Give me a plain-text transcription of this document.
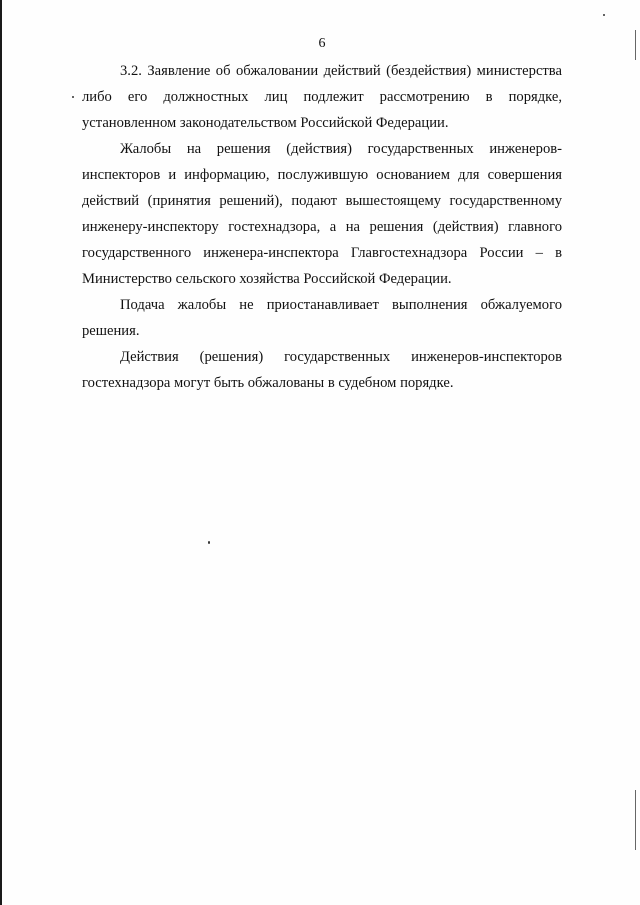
6

3.2. Заявление об обжаловании действий (бездействия) министерства либо его должностных лиц подлежит рассмотрению в порядке, установленном законодательством Российской Федерации.

Жалобы на решения (действия) государственных инженеров-инспекторов и информацию, послужившую основанием для совершения действий (принятия решений), подают вышестоящему государственному инженеру-инспектору гостехнадзора, а на решения (действия) главного государственного инженера-инспектора Главгостехнадзора России – в Министерство сельского хозяйства Российской Федерации.

Подача жалобы не приостанавливает выполнения обжалуемого решения.

Действия (решения) государственных инженеров-инспекторов гостехнадзора могут быть обжалованы в судебном порядке.
